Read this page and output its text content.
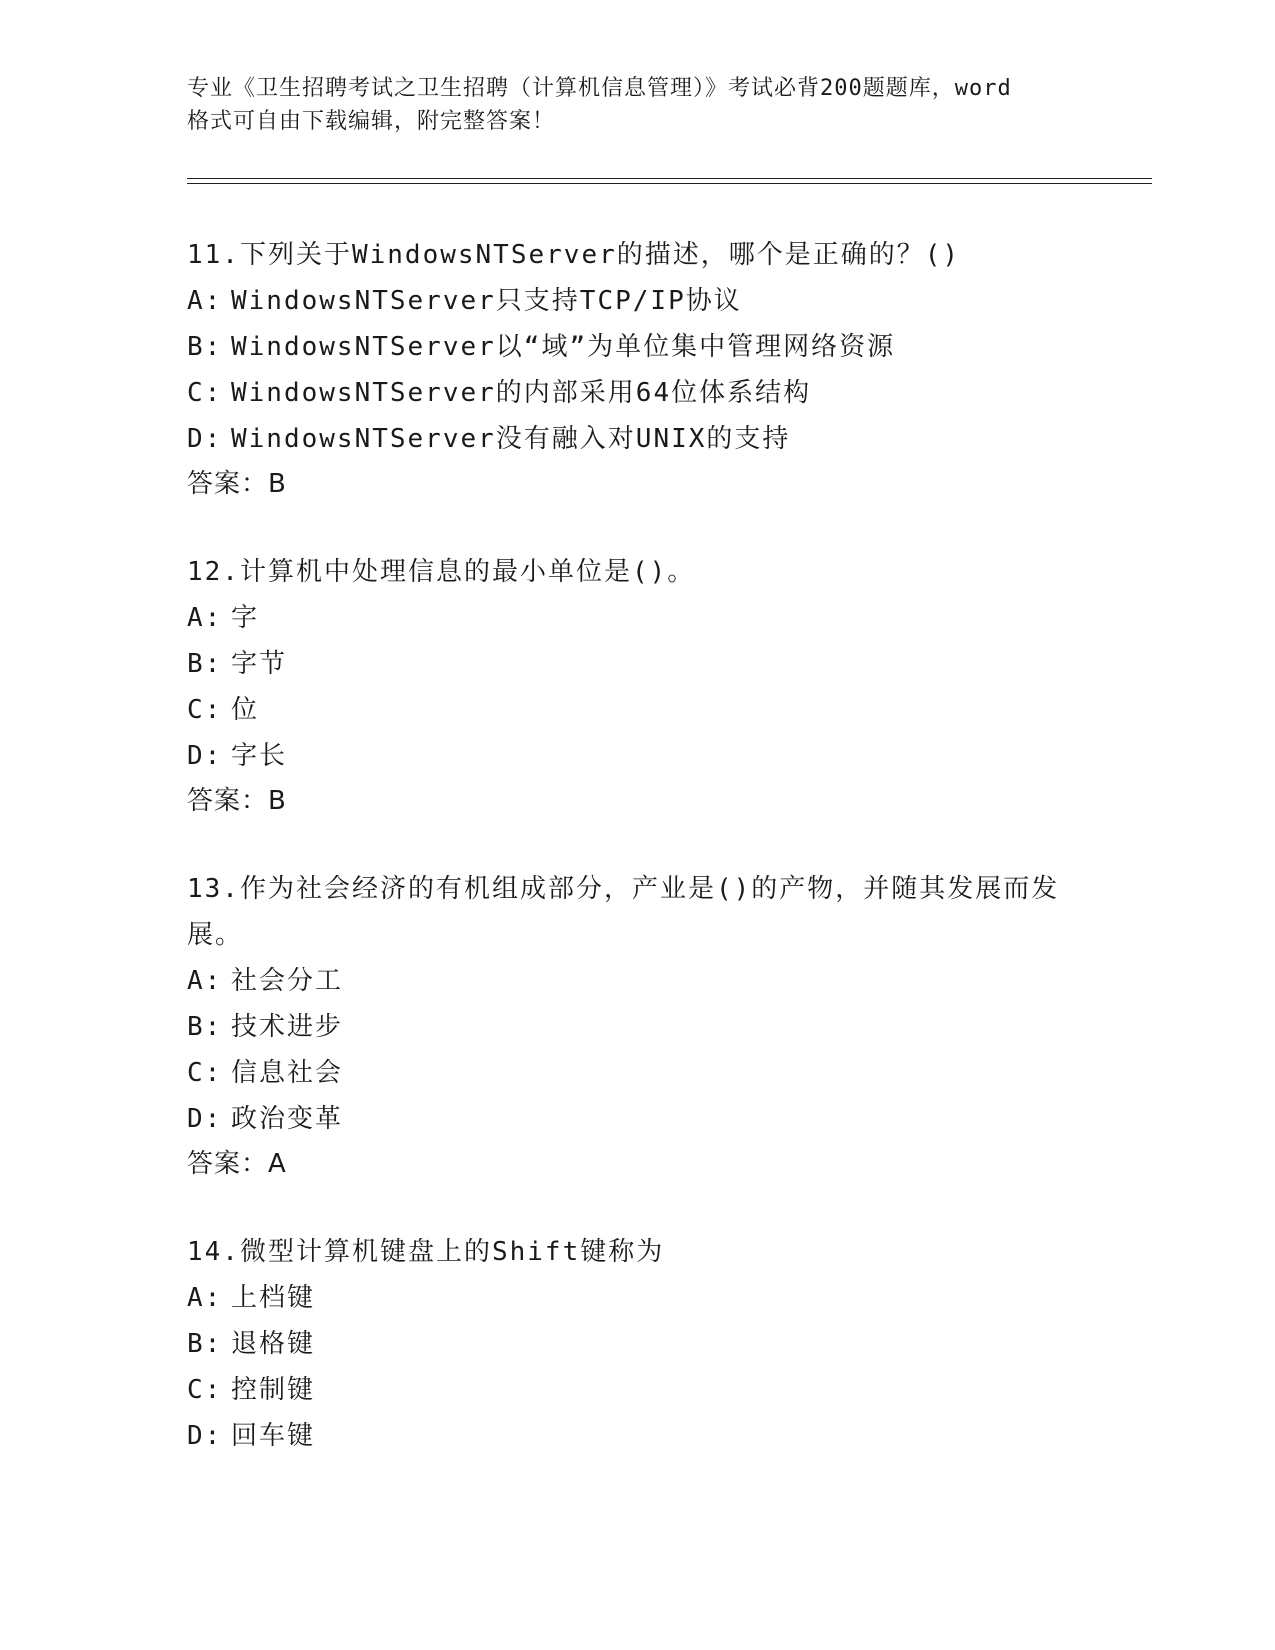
专业《卫生招聘考试之卫生招聘（计算机信息管理）》考试必背200题题库，word
格式可自由下载编辑，附完整答案！
11.下列关于WindowsNTServer的描述，哪个是正确的？()
A: WindowsNTServer只支持TCP/IP协议
B: WindowsNTServer以“域”为单位集中管理网络资源
C: WindowsNTServer的内部采用64位体系结构
D: WindowsNTServer没有融入对UNIX的支持
答案：B
12.计算机中处理信息的最小单位是()。
A: 字
B: 字节
C: 位
D: 字长
答案：B
13.作为社会经济的有机组成部分，产业是()的产物，并随其发展而发展。
A: 社会分工
B: 技术进步
C: 信息社会
D: 政治变革
答案：A
14.微型计算机键盘上的Shift键称为
A: 上档键
B: 退格键
C: 控制键
D: 回车键
